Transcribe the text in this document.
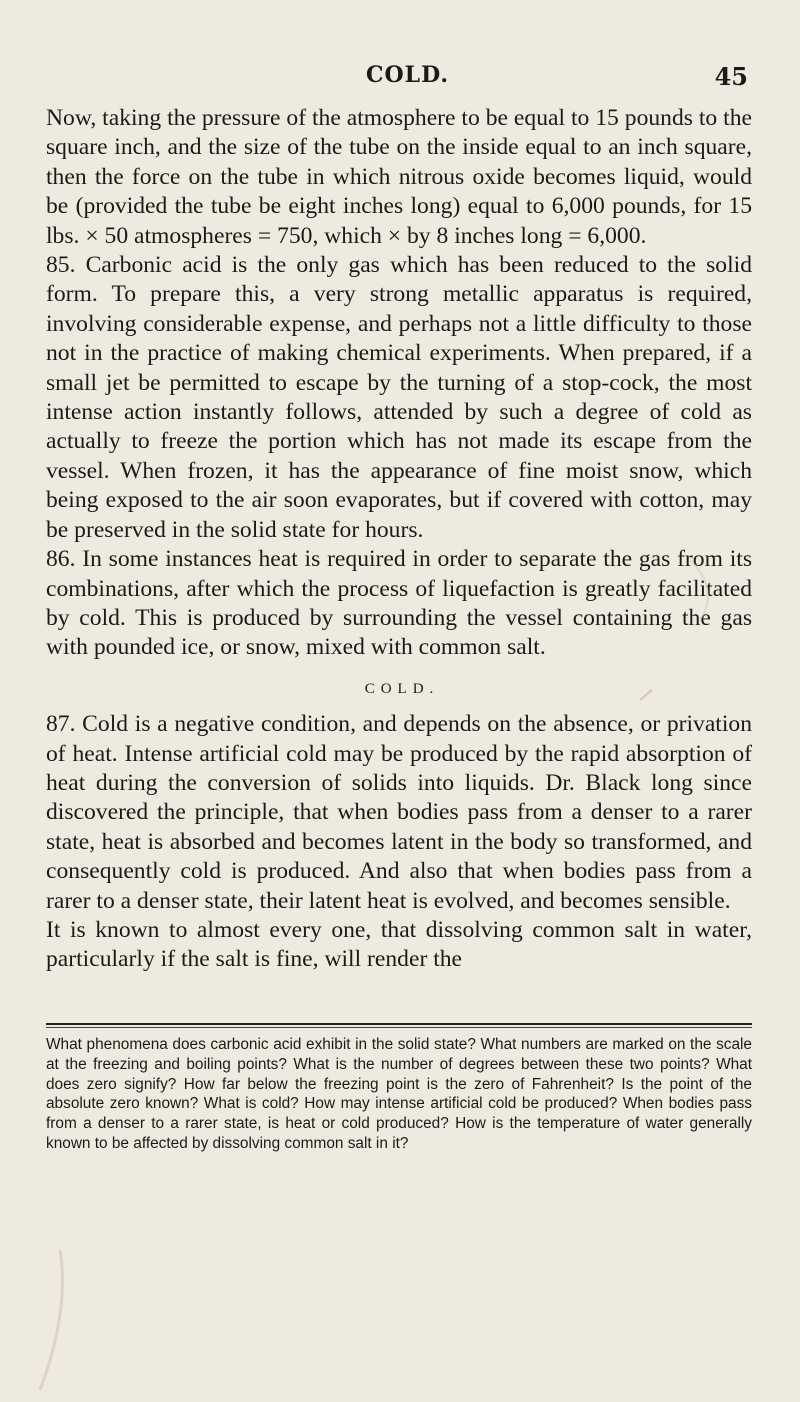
COLD.	45

Now, taking the pressure of the atmosphere to be equal to 15 pounds to the square inch, and the size of the tube on the inside equal to an inch square, then the force on the tube in which nitrous oxide becomes liquid, would be (provided the tube be eight inches long) equal to 6,000 pounds, for 15 lbs. × 50 atmospheres = 750, which × by 8 inches long = 6,000.

85. Carbonic acid is the only gas which has been reduced to the solid form. To prepare this, a very strong metallic apparatus is required, involving considerable expense, and perhaps not a little difficulty to those not in the practice of making chemical experiments. When prepared, if a small jet be permitted to escape by the turning of a stop-cock, the most intense action instantly follows, attended by such a degree of cold as actually to freeze the portion which has not made its escape from the vessel. When frozen, it has the appearance of fine moist snow, which being exposed to the air soon evaporates, but if covered with cotton, may be preserved in the solid state for hours.

86. In some instances heat is required in order to separate the gas from its combinations, after which the process of liquefaction is greatly facilitated by cold. This is produced by surrounding the vessel containing the gas with pounded ice, or snow, mixed with common salt.

COLD.

87. Cold is a negative condition, and depends on the absence, or privation of heat. Intense artificial cold may be produced by the rapid absorption of heat during the conversion of solids into liquids. Dr. Black long since discovered the principle, that when bodies pass from a denser to a rarer state, heat is absorbed and becomes latent in the body so transformed, and consequently cold is produced. And also that when bodies pass from a rarer to a denser state, their latent heat is evolved, and becomes sensible.

It is known to almost every one, that dissolving common salt in water, particularly if the salt is fine, will render the

What phenomena does carbonic acid exhibit in the solid state? What numbers are marked on the scale at the freezing and boiling points? What is the number of degrees between these two points? What does zero signify? How far below the freezing point is the zero of Fahrenheit? Is the point of the absolute zero known? What is cold? How may intense artificial cold be produced? When bodies pass from a denser to a rarer state, is heat or cold produced? How is the temperature of water generally known to be affected by dissolving common salt in it?
